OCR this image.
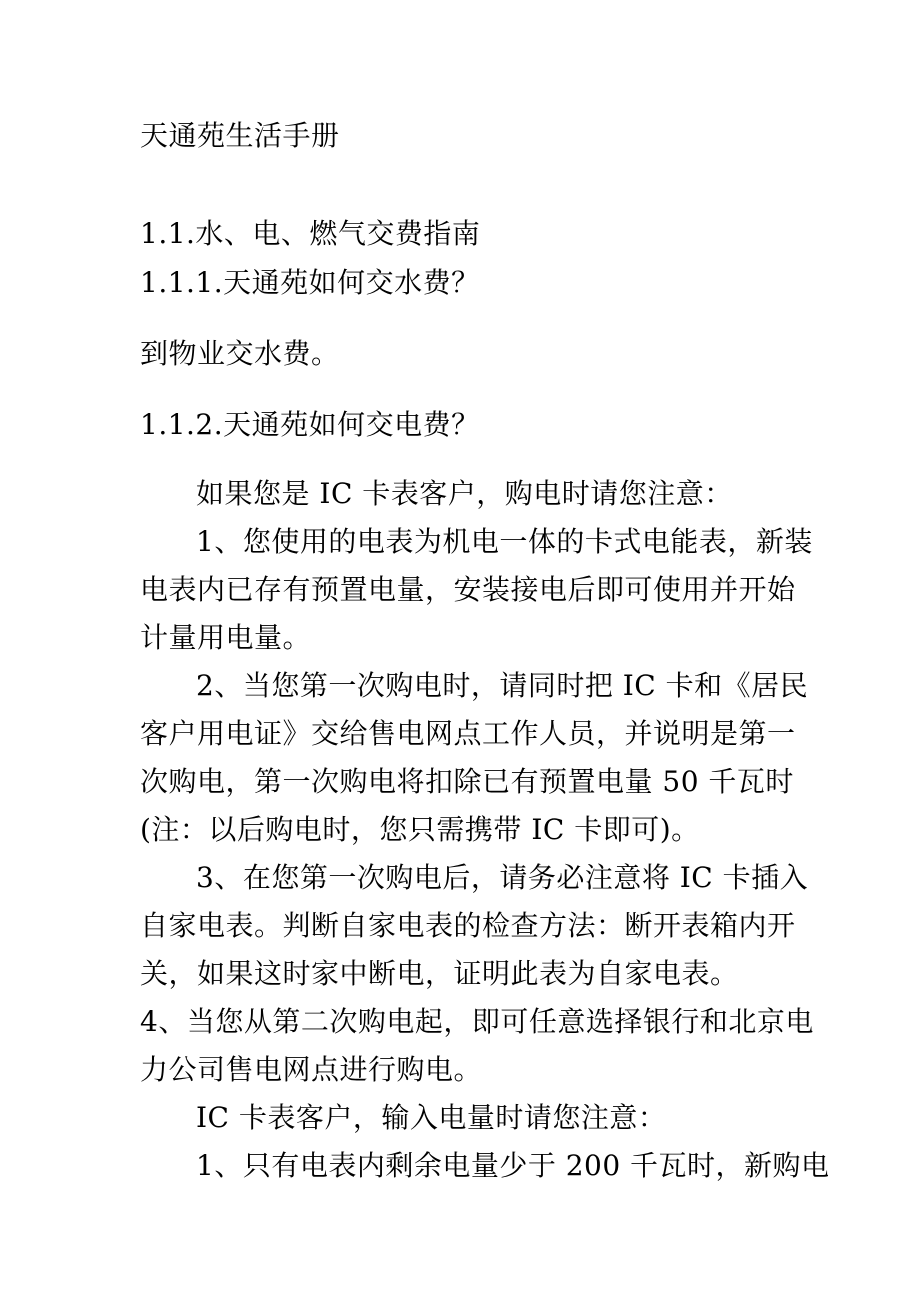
天通苑生活手册
1.1.水、电、燃气交费指南
1.1.1.天通苑如何交水费？
到物业交水费。
1.1.2.天通苑如何交电费？
如果您是 IC 卡表客户，购电时请您注意：
1、您使用的电表为机电一体的卡式电能表，新装
电表内已存有预置电量，安装接电后即可使用并开始
计量用电量。
2、当您第一次购电时，请同时把 IC 卡和《居民
客户用电证》交给售电网点工作人员，并说明是第一
次购电，第一次购电将扣除已有预置电量 50 千瓦时
(注：以后购电时，您只需携带 IC 卡即可)。
3、在您第一次购电后，请务必注意将 IC 卡插入
自家电表。判断自家电表的检查方法：断开表箱内开
关，如果这时家中断电，证明此表为自家电表。
4、当您从第二次购电起，即可任意选择银行和北京电
力公司售电网点进行购电。
IC 卡表客户，输入电量时请您注意：
1、只有电表内剩余电量少于 200 千瓦时，新购电
